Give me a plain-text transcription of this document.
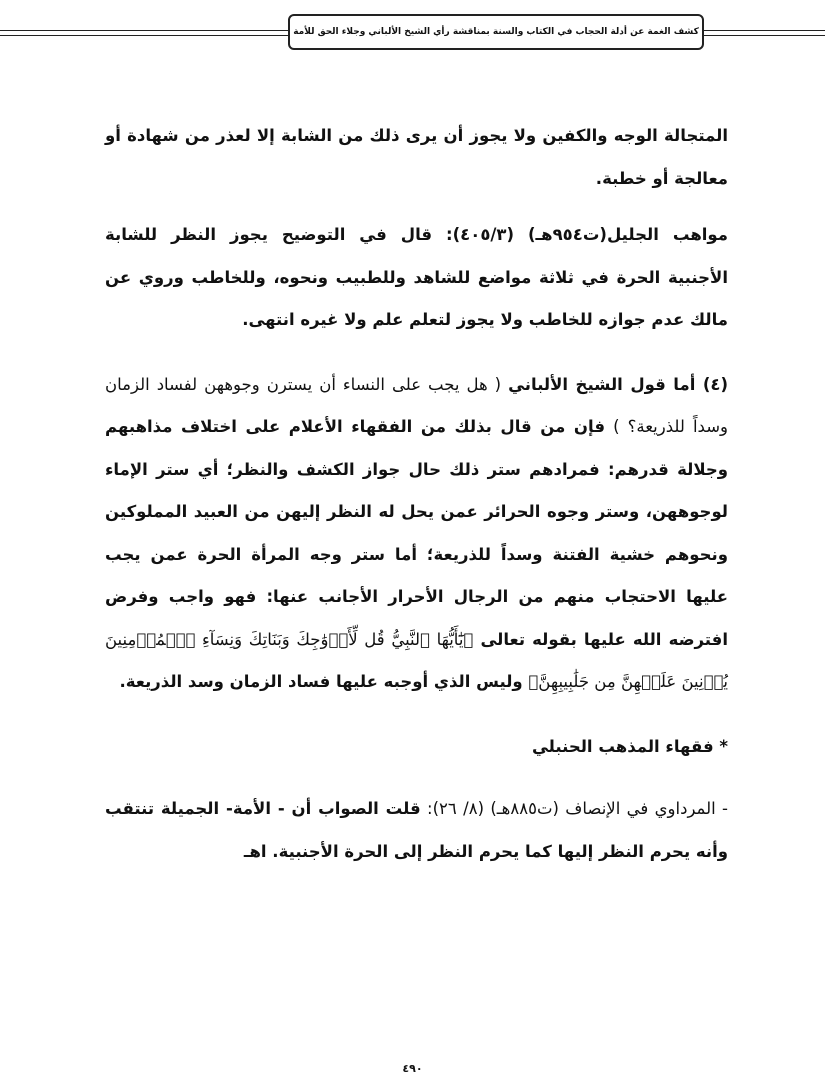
كشف الغمة عن أدلة الحجاب في الكتاب والسنة بمناقشة رأي الشيخ الألباني وجلاء الحق للأمة

المتجالة الوجه والكفين ولا يجوز أن يرى ذلك من الشابة إلا لعذر من شهادة أو معالجة أو خطبة.

مواهب الجليل(ت٩٥٤هـ) (٤٠٥/٣): قال في التوضيح يجوز النظر للشابة الأجنبية الحرة في ثلاثة مواضع للشاهد وللطبيب ونحوه، وللخاطب وروي عن مالك عدم جوازه للخاطب ولا يجوز لتعلم علم ولا غيره انتهى.

(٤) أما قول الشيخ الألباني ( هل يجب على النساء أن يسترن وجوههن لفساد الزمان وسداً للذريعة؟ ) فإن من قال بذلك من الفقهاء الأعلام على اختلاف مذاهبهم وجلالة قدرهم: فمرادهم ستر ذلك حال جواز الكشف والنظر؛ أي ستر الإماء لوجوههن، وستر وجوه الحرائر عمن يحل له النظر إليهن من العبيد المملوكين ونحوهم خشية الفتنة وسداً للذريعة؛ أما ستر وجه المرأة الحرة عمن يجب عليها الاحتجاب منهم من الرجال الأحرار الأجانب عنها: فهو واجب وفرض افترضه الله عليها بقوله تعالى ﴿يَٰٓأَيُّهَا ٱلنَّبِيُّ قُل لِّأَزۡوَٰجِكَ وَبَنَاتِكَ وَنِسَآءِ ٱلۡمُؤۡمِنِينَ يُدۡنِينَ عَلَيۡهِنَّ مِن جَلَٰبِيبِهِنَّ﴾ وليس الذي أوجبه عليها فساد الزمان وسد الذريعة.

* فقهاء المذهب الحنبلي

- المرداوي في الإنصاف (ت٨٨٥هـ) (٨/ ٢٦): قلت الصواب أن - الأمة- الجميلة تنتقب وأنه يحرم النظر إليها كما يحرم النظر إلى الحرة الأجنبية. اهـ

٤٩٠
